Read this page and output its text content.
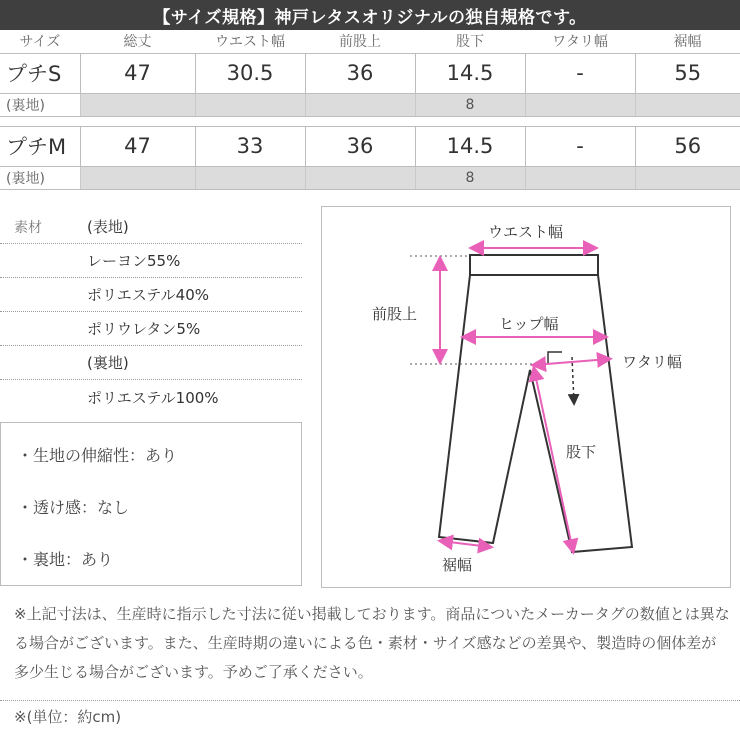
【サイズ規格】神戸レタスオリジナルの独自規格です。
サイズ	総丈	ウエスト幅	前股上	股下	ワタリ幅	裾幅
プチS	47	30.5	36	14.5	-	55
(裏地)				8		

プチM	47	33	36	14.5	-	56
(裏地)				8		
素材	(表地)
レーヨン55%
ポリエステル40%
ポリウレタン5%
(裏地)
ポリエステル100%
・生地の伸縮性：あり
・透け感：なし
・裏地：あり
ウエスト幅
前股上
ヒップ幅
ワタリ幅
股下
裾幅
※上記寸法は、生産時に指示した寸法に従い掲載しております。商品についたメーカータグの数値とは異なる場合がございます。また、生産時期の違いによる色・素材・サイズ感などの差異や、製造時の個体差が多少生じる場合がございます。予めご了承ください。
※(単位：約cm)
